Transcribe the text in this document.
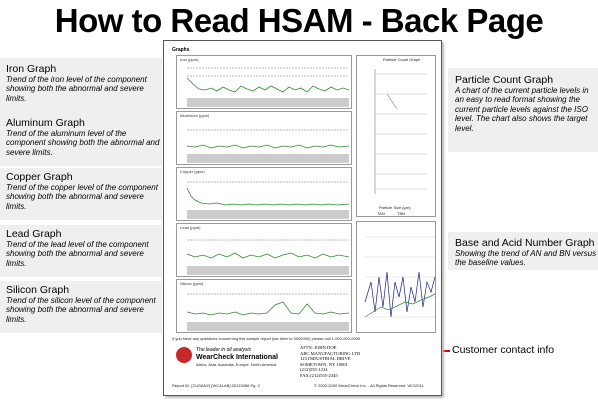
How to Read HSAM - Back Page
Iron Graph
Trend of the iron level of the component showing both the abnormal and severe limits.
Aluminum Graph
Trend of the aluminum level of the component showing both the abnormal and severe limits.
Copper Graph
Trend of the copper level of the component showing both the abnormal and severe limits.
Lead Graph
Trend of the lead level of the component showing both the abnormal and severe limits.
Silicon Graph
Trend of the silicon level of the component showing both the abnormal and severe limits.
Particle Count Graph
A chart of the current particle levels in an easy to read format showing the current particle levels against the ISO level. The chart also shows the target level.
Base and Acid Number Graph
Showing the trend of AN and BN versus the baseline values.
Customer contact info
Graphs
Iron (ppm)
Aluminum (ppm)
Copper (ppm)
Lead (ppm)
Silicon (ppm)
Particle Count Graph
Particle Size (µm)
TAN	TBN
If you have any questions concerning this sample report (lab refer to 0000000) please call 1-000-000-0000
The leader in oil analysis
WearCheck International
Africa, Asia, Australia, Europe, North America
ATTN: JOHN DOE
ABC MANUFACTURING LTD
123 INDUSTRIAL DRIVE
SOMETOWN, NY 10001
(212)555-1234
FAX:(212)555-2345
Report ID: [CUSANY] [WCALAB] 00123456 Pg. 2	© 2000-2009 WearCheck Inc. - All Rights Reserved. WCI2011
